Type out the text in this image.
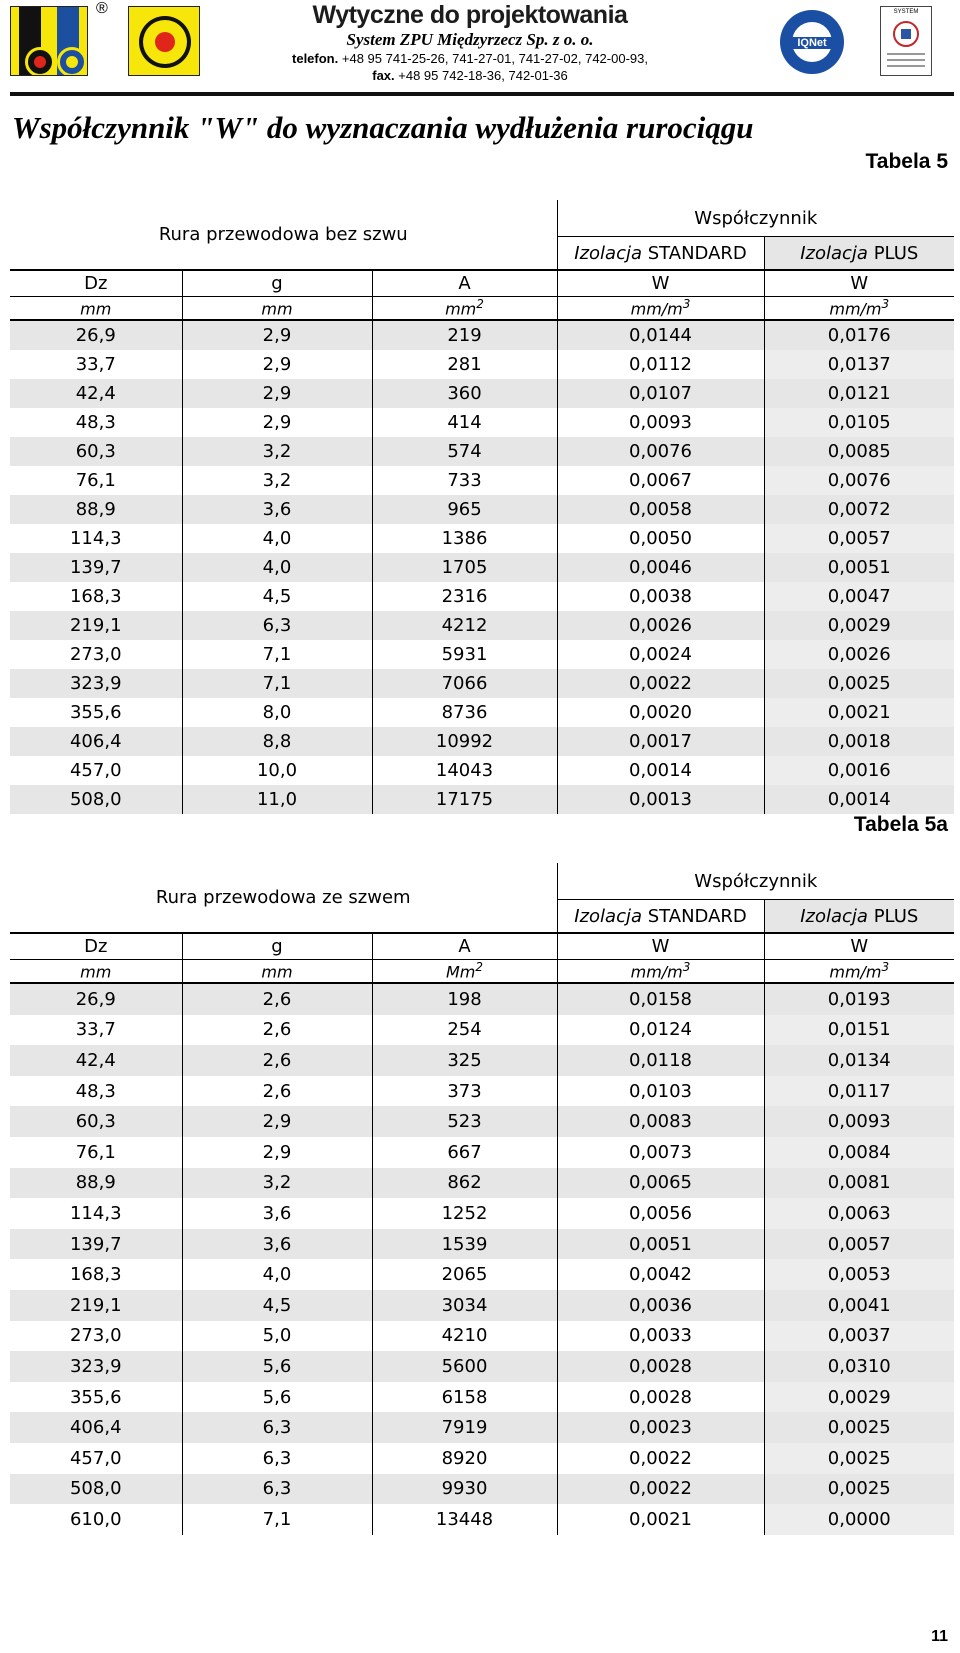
®	Wytyczne do projektowania
System ZPU Międzyrzecz Sp. z o. o.
telefon. +48 95 741-25-26, 741-27-01, 741-27-02, 742-00-93,
fax. +48 95 742-18-36, 742-01-36
IQNet
SYSTEM
Współczynnik "W" do wyznaczania wydłużenia rurociągu
Tabela 5
Rura przewodowa bez szwu			Współczynnik	
			Izolacja STANDARD	Izolacja PLUS
Dz	g	A	W	W
mm	mm	$mm^2$	$mm/m^3$	$mm/m^3$
26,9	2,9	219	0,0144	0,0176
33,7	2,9	281	0,0112	0,0137
42,4	2,9	360	0,0107	0,0121
48,3	2,9	414	0,0093	0,0105
60,3	3,2	574	0,0076	0,0085
76,1	3,2	733	0,0067	0,0076
88,9	3,6	965	0,0058	0,0072
114,3	4,0	1386	0,0050	0,0057
139,7	4,0	1705	0,0046	0,0051
168,3	4,5	2316	0,0038	0,0047
219,1	6,3	4212	0,0026	0,0029
273,0	7,1	5931	0,0024	0,0026
323,9	7,1	7066	0,0022	0,0025
355,6	8,0	8736	0,0020	0,0021
406,4	8,8	10992	0,0017	0,0018
457,0	10,0	14043	0,0014	0,0016
508,0	11,0	17175	0,0013	0,0014
Tabela 5a
Rura przewodowa ze szwem			Współczynnik	
			Izolacja STANDARD	Izolacja PLUS
Dz	g	A	W	W
mm	mm	Mm$^2$	$mm/m^3$	$mm/m^3$
26,9	2,6	198	0,0158	0,0193
33,7	2,6	254	0,0124	0,0151
42,4	2,6	325	0,0118	0,0134
48,3	2,6	373	0,0103	0,0117
60,3	2,9	523	0,0083	0,0093
76,1	2,9	667	0,0073	0,0084
88,9	3,2	862	0,0065	0,0081
114,3	3,6	1252	0,0056	0,0063
139,7	3,6	1539	0,0051	0,0057
168,3	4,0	2065	0,0042	0,0053
219,1	4,5	3034	0,0036	0,0041
273,0	5,0	4210	0,0033	0,0037
323,9	5,6	5600	0,0028	0,0310
355,6	5,6	6158	0,0028	0,0029
406,4	6,3	7919	0,0023	0,0025
457,0	6,3	8920	0,0022	0,0025
508,0	6,3	9930	0,0022	0,0025
610,0	7,1	13448	0,0021	0,0000
11
